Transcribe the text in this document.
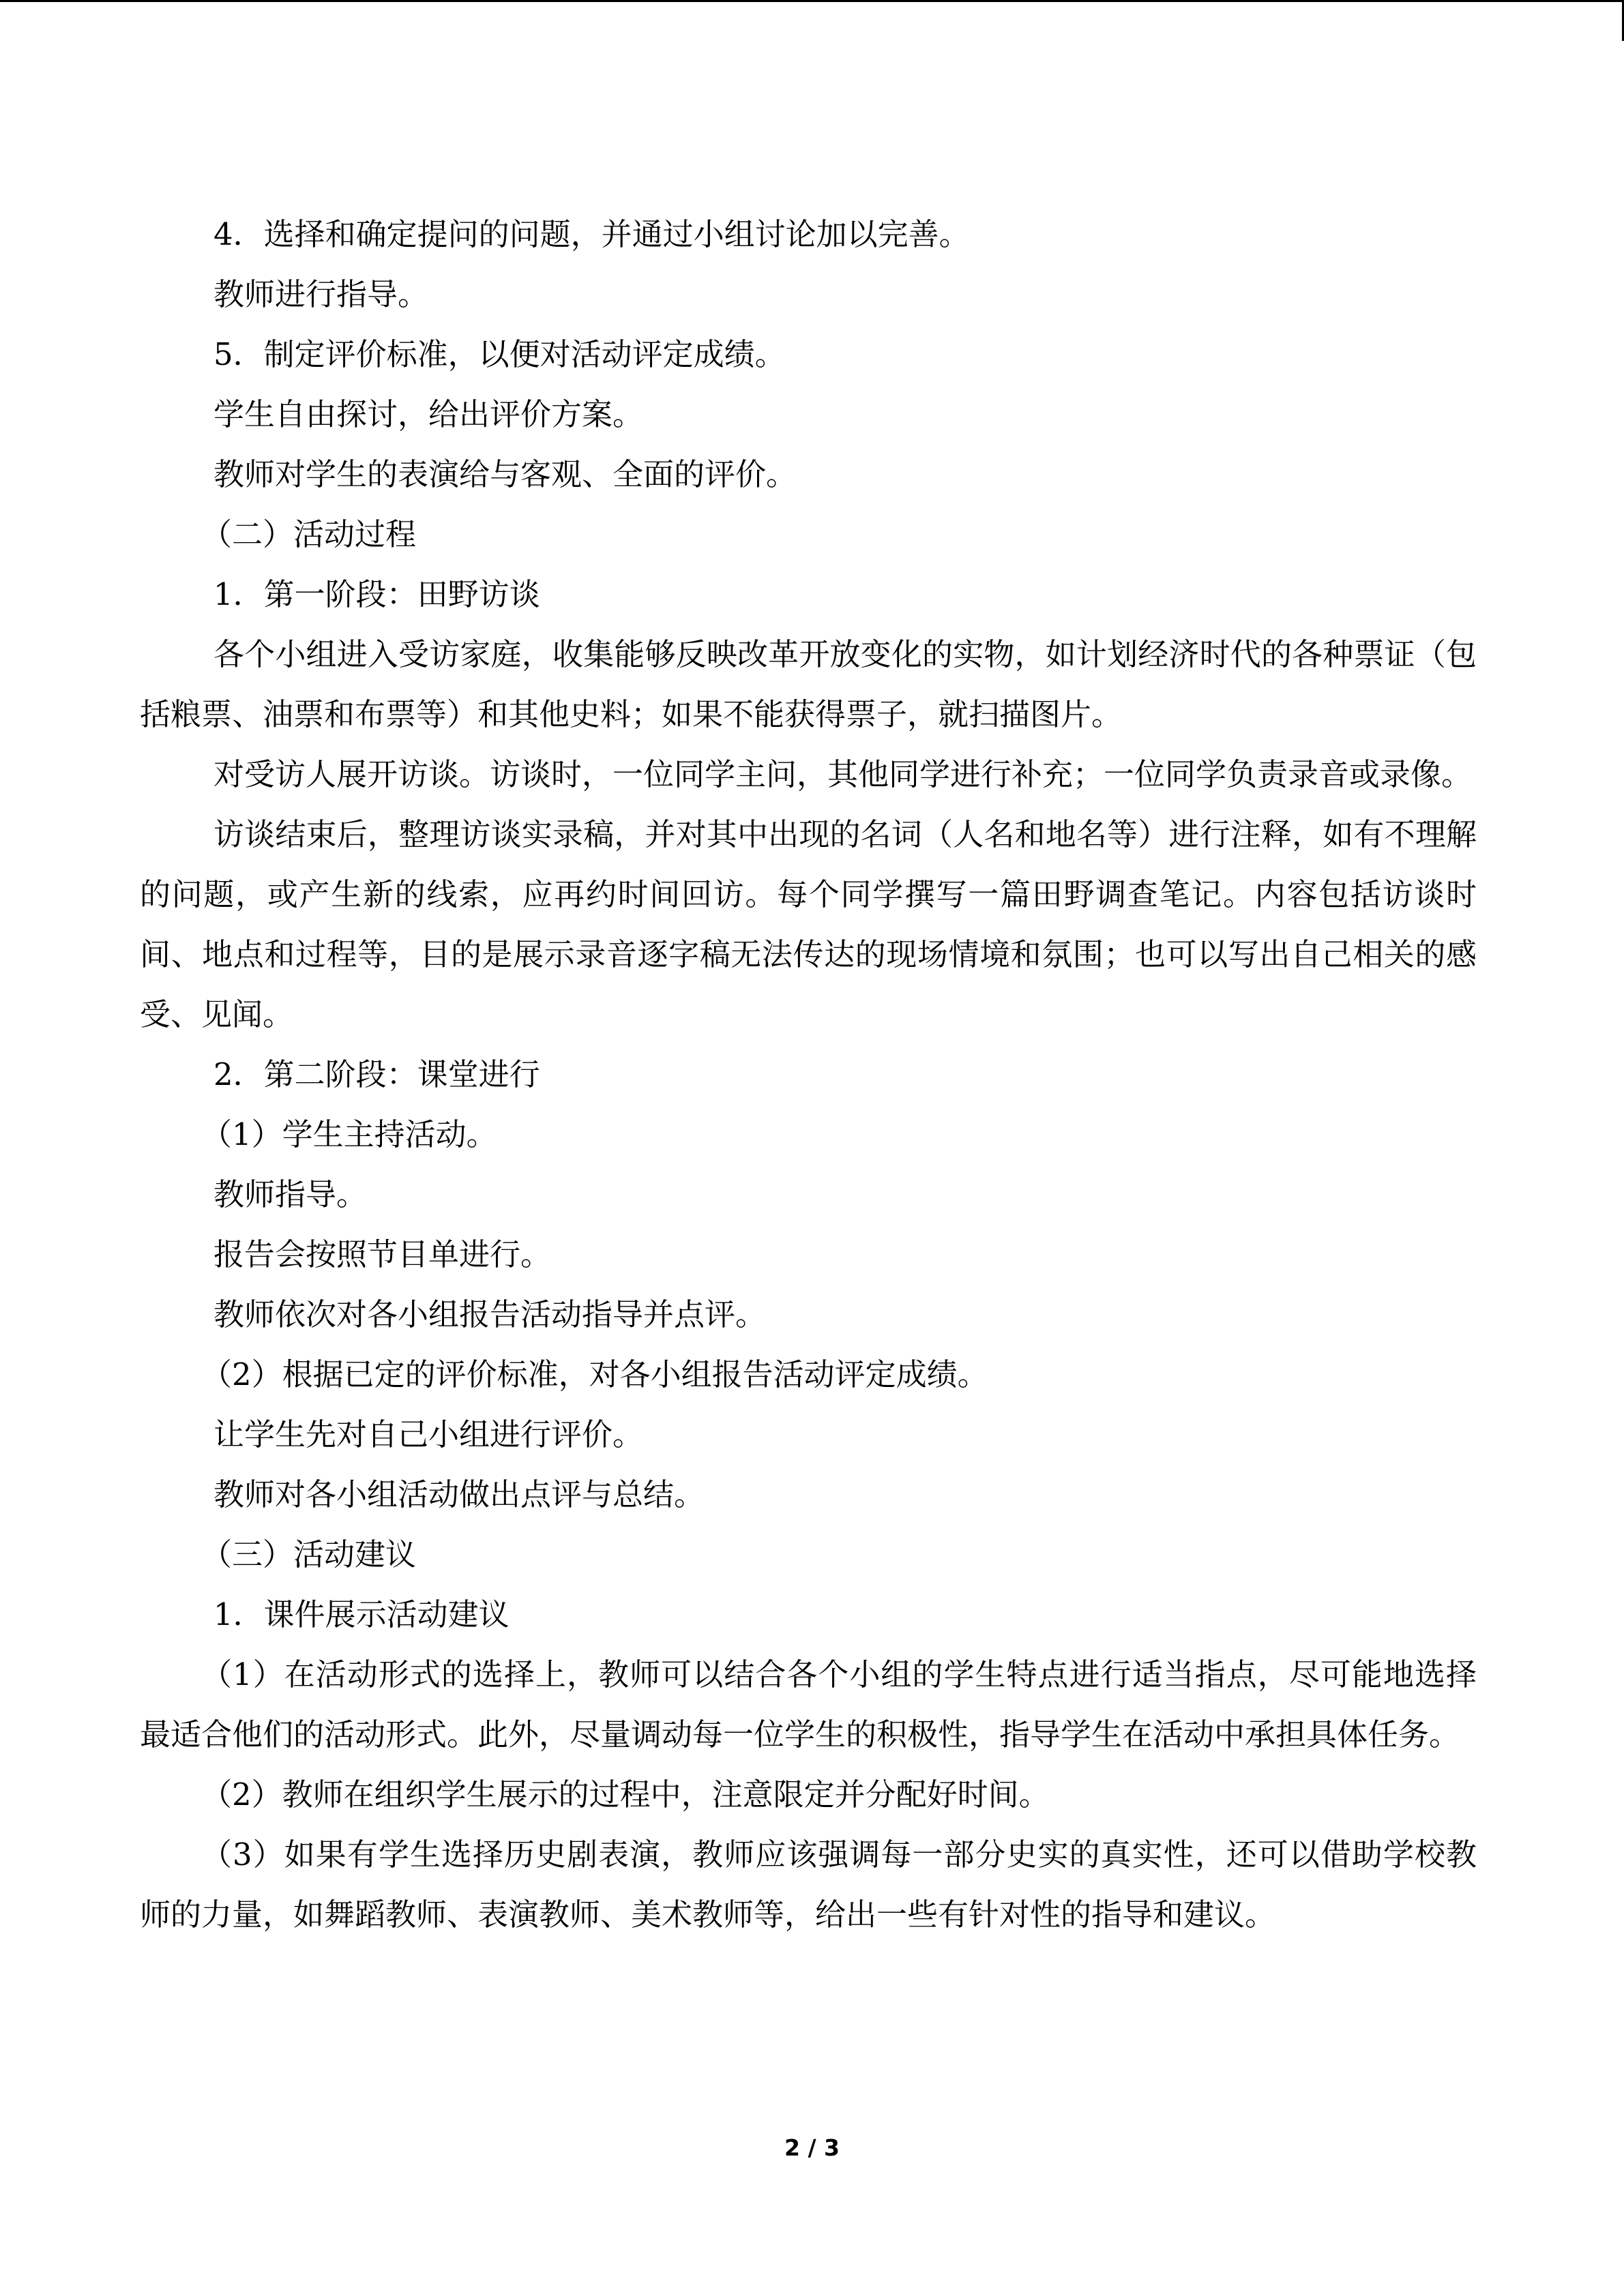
4．选择和确定提问的问题，并通过小组讨论加以完善。

教师进行指导。

5．制定评价标准，以便对活动评定成绩。

学生自由探讨，给出评价方案。

教师对学生的表演给与客观、全面的评价。

（二）活动过程

1．第一阶段：田野访谈

各个小组进入受访家庭，收集能够反映改革开放变化的实物，如计划经济时代的各种票证（包括粮票、油票和布票等）和其他史料；如果不能获得票子，就扫描图片。

对受访人展开访谈。访谈时，一位同学主问，其他同学进行补充；一位同学负责录音或录像。

访谈结束后，整理访谈实录稿，并对其中出现的名词（人名和地名等）进行注释，如有不理解的问题，或产生新的线索，应再约时间回访。每个同学撰写一篇田野调查笔记。内容包括访谈时间、地点和过程等，目的是展示录音逐字稿无法传达的现场情境和氛围；也可以写出自己相关的感受、见闻。

2．第二阶段：课堂进行

（1）学生主持活动。

教师指导。

报告会按照节目单进行。

教师依次对各小组报告活动指导并点评。

（2）根据已定的评价标准，对各小组报告活动评定成绩。

让学生先对自己小组进行评价。

教师对各小组活动做出点评与总结。

（三）活动建议

1．课件展示活动建议

（1）在活动形式的选择上，教师可以结合各个小组的学生特点进行适当指点，尽可能地选择最适合他们的活动形式。此外，尽量调动每一位学生的积极性，指导学生在活动中承担具体任务。

（2）教师在组织学生展示的过程中，注意限定并分配好时间。

（3）如果有学生选择历史剧表演，教师应该强调每一部分史实的真实性，还可以借助学校教师的力量，如舞蹈教师、表演教师、美术教师等，给出一些有针对性的指导和建议。

2 / 3
